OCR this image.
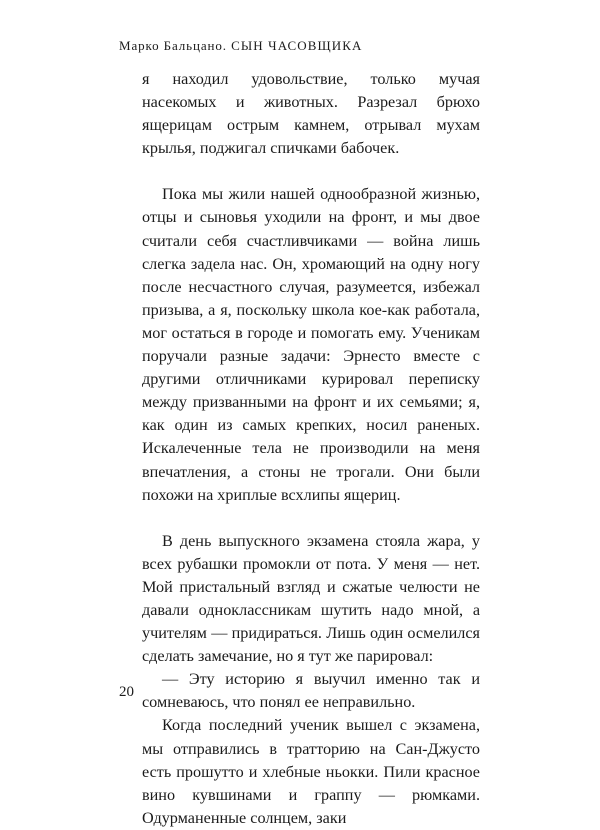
Марко Бальцано. СЫН ЧАСОВЩИКА

я находил удовольствие, только мучая насекомых и животных. Разрезал брюхо ящерицам острым камнем, отрывал мухам крылья, поджигал спичками бабочек.

Пока мы жили нашей однообразной жизнью, отцы и сыновья уходили на фронт, и мы двое считали себя счастливчиками — война лишь слегка задела нас. Он, хромающий на одну ногу после несчастного случая, разумеется, избежал призыва, а я, поскольку школа кое-как работала, мог остаться в городе и помогать ему. Ученикам поручали разные задачи: Эрнесто вместе с другими отличниками курировал переписку между призванными на фронт и их семьями; я, как один из самых крепких, носил раненых. Искалеченные тела не производили на меня впечатления, а стоны не трогали. Они были похожи на хриплые всхлипы ящериц.

В день выпускного экзамена стояла жара, у всех рубашки промокли от пота. У меня — нет. Мой пристальный взгляд и сжатые челюсти не давали одноклассникам шутить надо мной, а учителям — придираться. Лишь один осмелился сделать замечание, но я тут же парировал:

— Эту историю я выучил именно так и сомневаюсь, что понял ее неправильно.

Когда последний ученик вышел с экзамена, мы отправились в тратторию на Сан-Джусто есть прошутто и хлебные ньокки. Пили красное вино кувшинами и граппу — рюмками. Одурманенные солнцем, заки

20
